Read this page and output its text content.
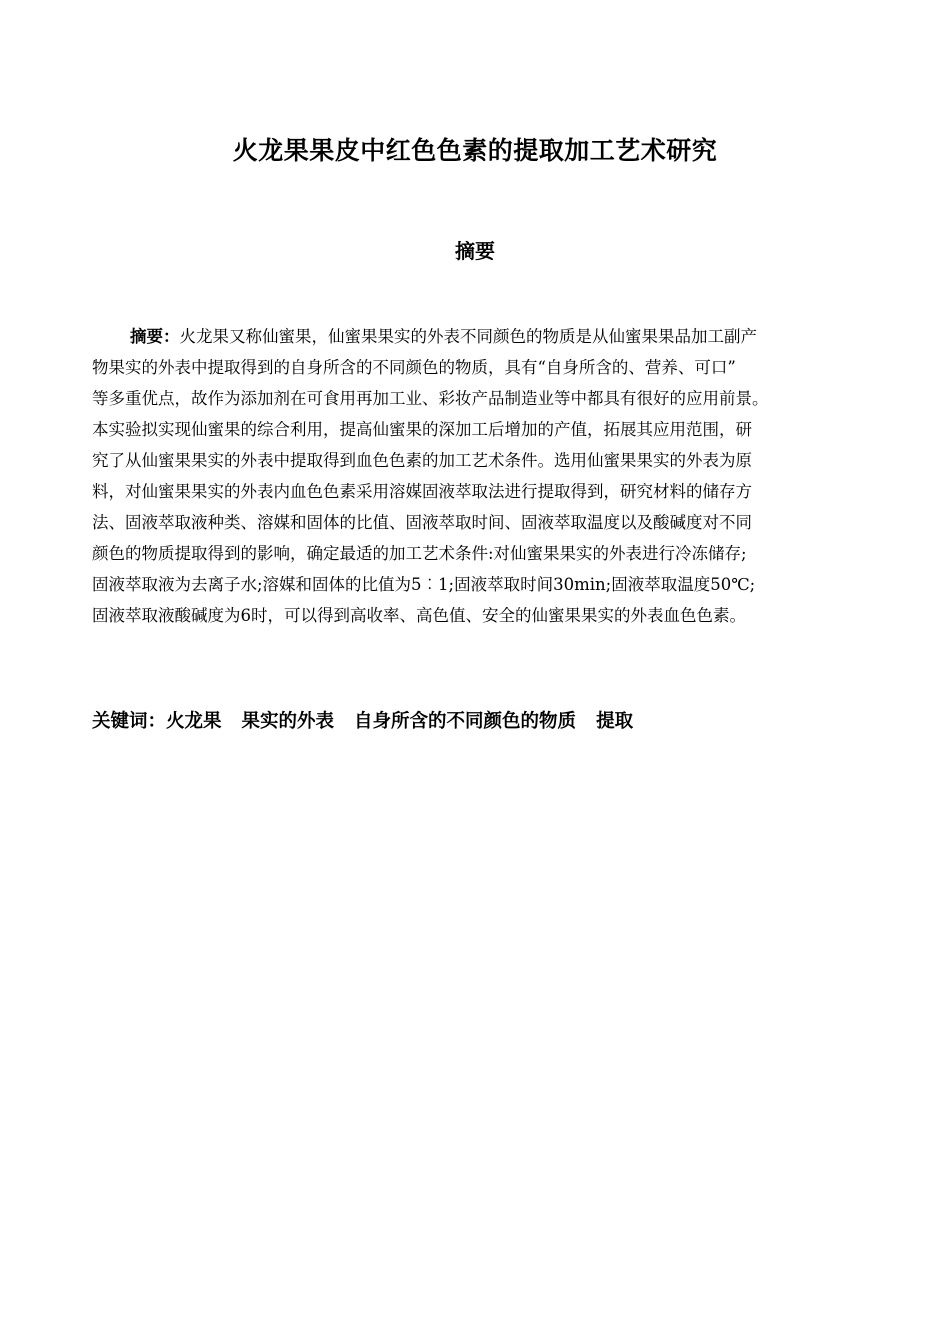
火龙果果皮中红色色素的提取加工艺术研究
摘要
摘要：火龙果又称仙蜜果，仙蜜果果实的外表不同颜色的物质是从仙蜜果果品加工副产
物果实的外表中提取得到的自身所含的不同颜色的物质，具有“自身所含的、营养、可口”
等多重优点，故作为添加剂在可食用再加工业、彩妆产品制造业等中都具有很好的应用前景。
本实验拟实现仙蜜果的综合利用，提高仙蜜果的深加工后增加的产值，拓展其应用范围，研
究了从仙蜜果果实的外表中提取得到血色色素的加工艺术条件。选用仙蜜果果实的外表为原
料，对仙蜜果果实的外表内血色色素采用溶媒固液萃取法进行提取得到，研究材料的储存方
法、固液萃取液种类、溶媒和固体的比值、固液萃取时间、固液萃取温度以及酸碱度对不同
颜色的物质提取得到的影响，确定最适的加工艺术条件:对仙蜜果果实的外表进行冷冻储存;
固液萃取液为去离子水;溶媒和固体的比值为5︰1;固液萃取时间30min;固液萃取温度50℃;
固液萃取液酸碱度为6时，可以得到高收率、高色值、安全的仙蜜果果实的外表血色色素。
关键词：火龙果 果实的外表 自身所含的不同颜色的物质 提取
